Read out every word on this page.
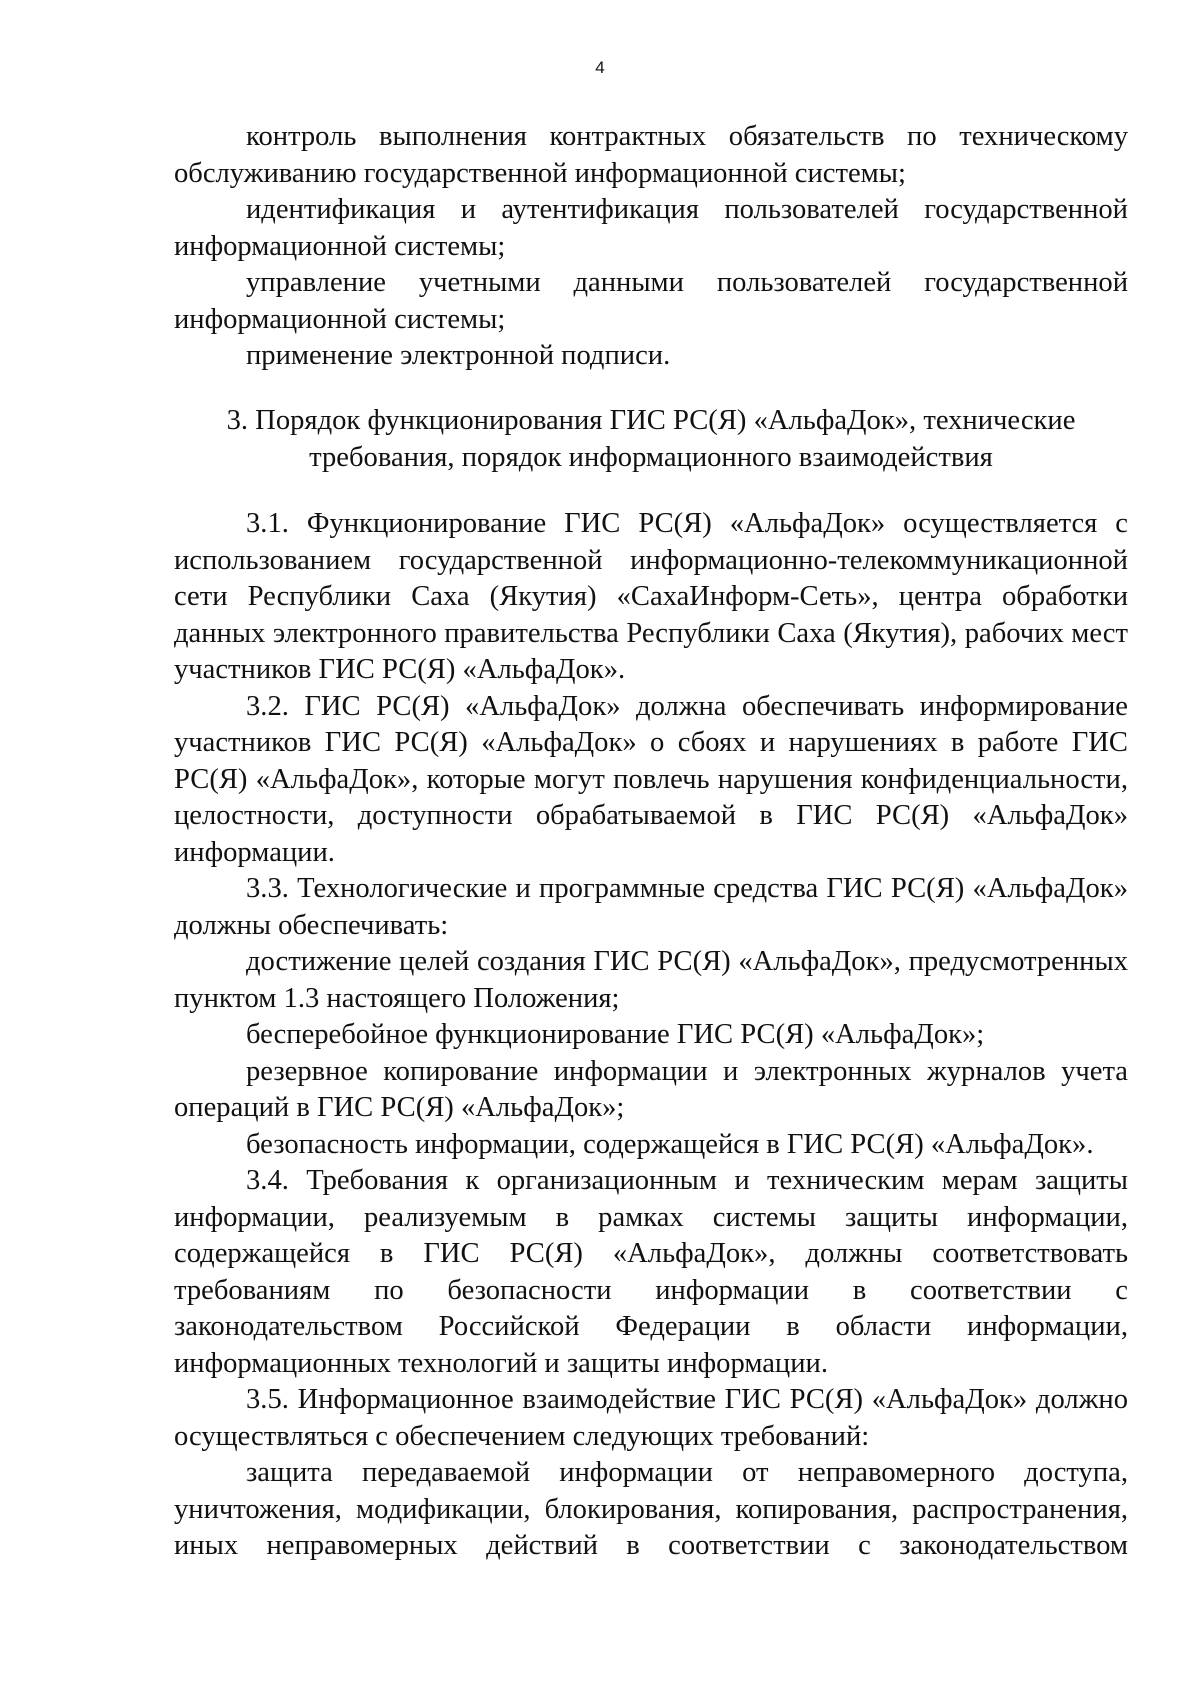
4

контроль выполнения контрактных обязательств по техническому обслуживанию государственной информационной системы;

идентификация и аутентификация пользователей государственной информационной системы;

управление учетными данными пользователей государственной информационной системы;

применение электронной подписи.

3. Порядок функционирования ГИС РС(Я) «АльфаДок», технические
требования, порядок информационного взаимодействия

3.1. Функционирование ГИС РС(Я) «АльфаДок» осуществляется с использованием государственной информационно-телекоммуникационной сети Республики Саха (Якутия) «СахаИнформ-Сеть», центра обработки данных электронного правительства Республики Саха (Якутия), рабочих мест участников ГИС РС(Я) «АльфаДок».

3.2. ГИС РС(Я) «АльфаДок» должна обеспечивать информирование участников ГИС РС(Я) «АльфаДок» о сбоях и нарушениях в работе ГИС РС(Я) «АльфаДок», которые могут повлечь нарушения конфиденциальности, целостности, доступности обрабатываемой в ГИС РС(Я) «АльфаДок» информации.

3.3. Технологические и программные средства ГИС РС(Я) «АльфаДок» должны обеспечивать:

достижение целей создания ГИС РС(Я) «АльфаДок», предусмотренных пунктом 1.3 настоящего Положения;

бесперебойное функционирование ГИС РС(Я) «АльфаДок»;

резервное копирование информации и электронных журналов учета операций в ГИС РС(Я) «АльфаДок»;

безопасность информации, содержащейся в ГИС РС(Я) «АльфаДок».

3.4. Требования к организационным и техническим мерам защиты информации, реализуемым в рамках системы защиты информации, содержащейся в ГИС РС(Я) «АльфаДок», должны соответствовать требованиям по безопасности информации в соответствии с законодательством Российской Федерации в области информации, информационных технологий и защиты информации.

3.5. Информационное взаимодействие ГИС РС(Я) «АльфаДок» должно осуществляться с обеспечением следующих требований:

защита передаваемой информации от неправомерного доступа, уничтожения, модификации, блокирования, копирования, распространения, иных неправомерных действий в соответствии с законодательством
